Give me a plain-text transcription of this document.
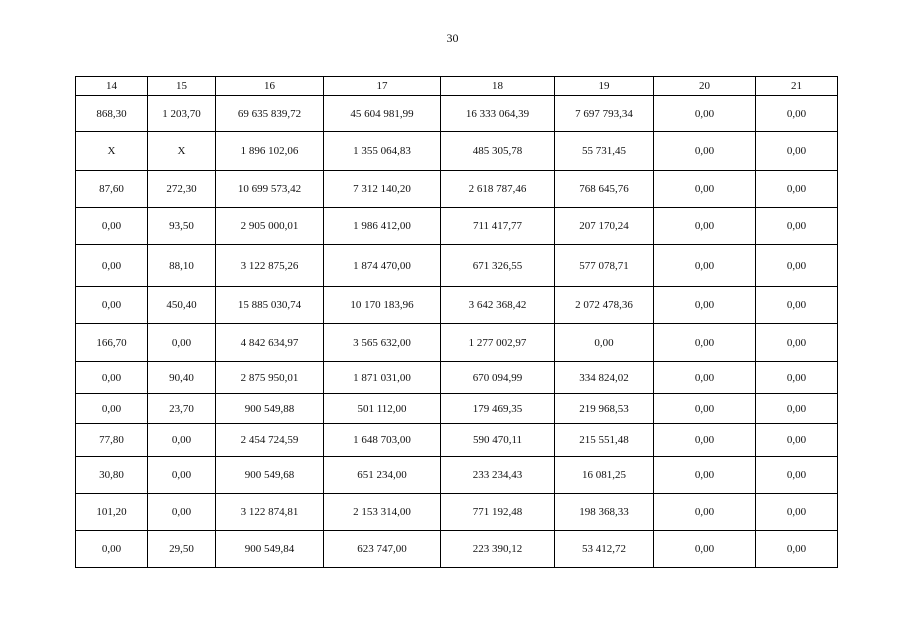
30
14	15	16	17	18	19	20	21
868,30	1 203,70	69 635 839,72	45 604 981,99	16 333 064,39	7 697 793,34	0,00	0,00
X	X	1 896 102,06	1 355 064,83	485 305,78	55 731,45	0,00	0,00
87,60	272,30	10 699 573,42	7 312 140,20	2 618 787,46	768 645,76	0,00	0,00
0,00	93,50	2 905 000,01	1 986 412,00	711 417,77	207 170,24	0,00	0,00
0,00	88,10	3 122 875,26	1 874 470,00	671 326,55	577 078,71	0,00	0,00
0,00	450,40	15 885 030,74	10 170 183,96	3 642 368,42	2 072 478,36	0,00	0,00
166,70	0,00	4 842 634,97	3 565 632,00	1 277 002,97	0,00	0,00	0,00
0,00	90,40	2 875 950,01	1 871 031,00	670 094,99	334 824,02	0,00	0,00
0,00	23,70	900 549,88	501 112,00	179 469,35	219 968,53	0,00	0,00
77,80	0,00	2 454 724,59	1 648 703,00	590 470,11	215 551,48	0,00	0,00
30,80	0,00	900 549,68	651 234,00	233 234,43	16 081,25	0,00	0,00
101,20	0,00	3 122 874,81	2 153 314,00	771 192,48	198 368,33	0,00	0,00
0,00	29,50	900 549,84	623 747,00	223 390,12	53 412,72	0,00	0,00
